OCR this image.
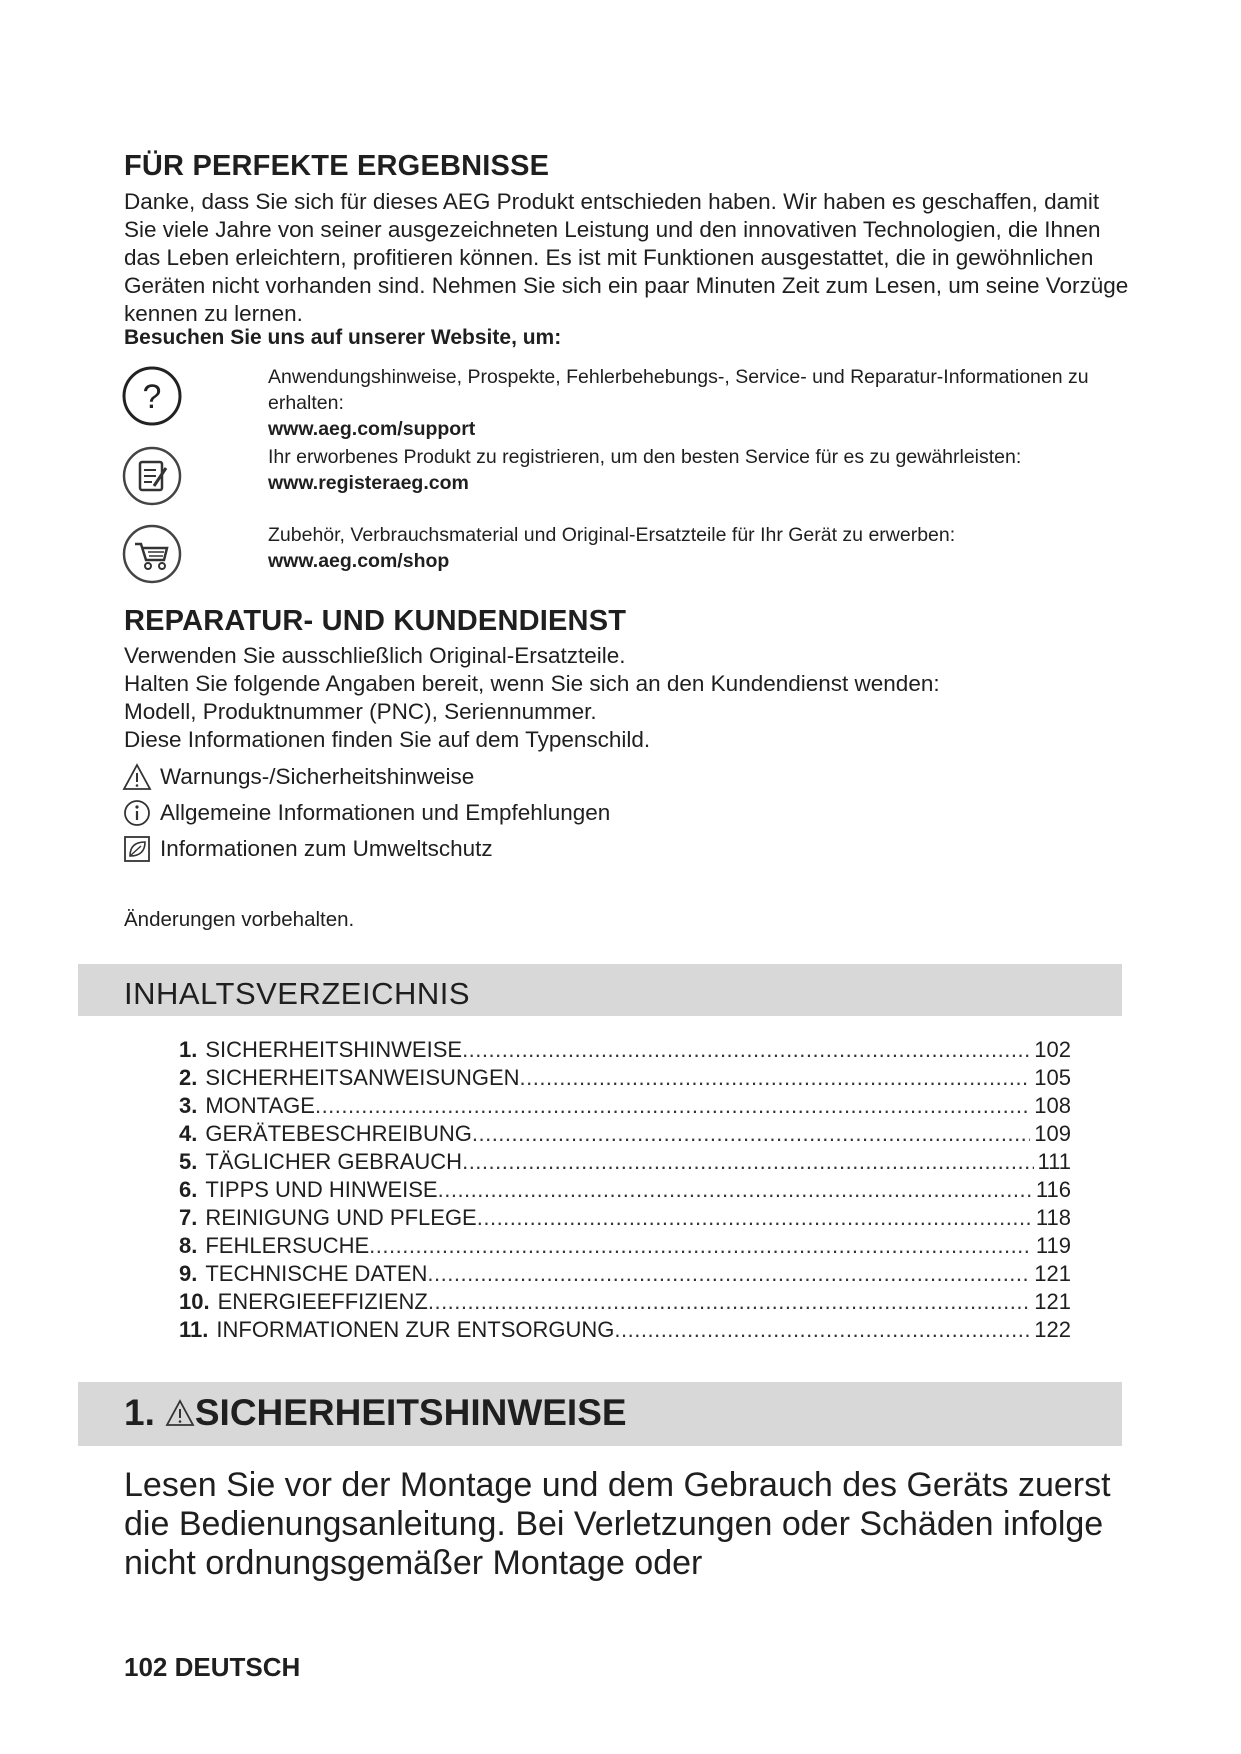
FÜR PERFEKTE ERGEBNISSE

Danke, dass Sie sich für dieses AEG Produkt entschieden haben. Wir haben es geschaffen, damit Sie viele Jahre von seiner ausgezeichneten Leistung und den innovativen Technologien, die Ihnen das Leben erleichtern, profitieren können. Es ist mit Funktionen ausgestattet, die in gewöhnlichen Geräten nicht vorhanden sind. Nehmen Sie sich ein paar Minuten Zeit zum Lesen, um seine Vorzüge kennen zu lernen.

Besuchen Sie uns auf unserer Website, um:
?
Anwendungshinweise, Prospekte, Fehlerbehebungs-, Service- und Reparatur-Informationen zu erhalten:
www.aeg.com/support
Ihr erworbenes Produkt zu registrieren, um den besten Service für es zu gewährleisten:
www.registeraeg.com
Zubehör, Verbrauchsmaterial und Original-Ersatzteile für Ihr Gerät zu erwerben:
www.aeg.com/shop
REPARATUR- UND KUNDENDIENST
Verwenden Sie ausschließlich Original-Ersatzteile.
Halten Sie folgende Angaben bereit, wenn Sie sich an den Kundendienst wenden:
Modell, Produktnummer (PNC), Seriennummer.
Diese Informationen finden Sie auf dem Typenschild.
Warnungs-/Sicherheitshinweise
Allgemeine Informationen und Empfehlungen
Informationen zum Umweltschutz
Änderungen vorbehalten.
INHALTSVERZEICHNIS
1. SICHERHEITSHINWEISE .....	102
2. SICHERHEITSANWEISUNGEN .....	105
3. MONTAGE .....	108
4. GERÄTEBESCHREIBUNG .....	109
5. TÄGLICHER GEBRAUCH .....	111
6. TIPPS UND HINWEISE .....	116
7. REINIGUNG UND PFLEGE .....	118
8. FEHLERSUCHE .....	119
9. TECHNISCHE DATEN .....	121
10. ENERGIEEFFIZIENZ .....	121
11. INFORMATIONEN ZUR ENTSORGUNG .....	122
1. SICHERHEITSHINWEISE

Lesen Sie vor der Montage und dem Gebrauch des Geräts zuerst die Bedienungsanleitung. Bei Verletzungen oder Schäden infolge nicht ordnungsgemäßer Montage oder

102 DEUTSCH
